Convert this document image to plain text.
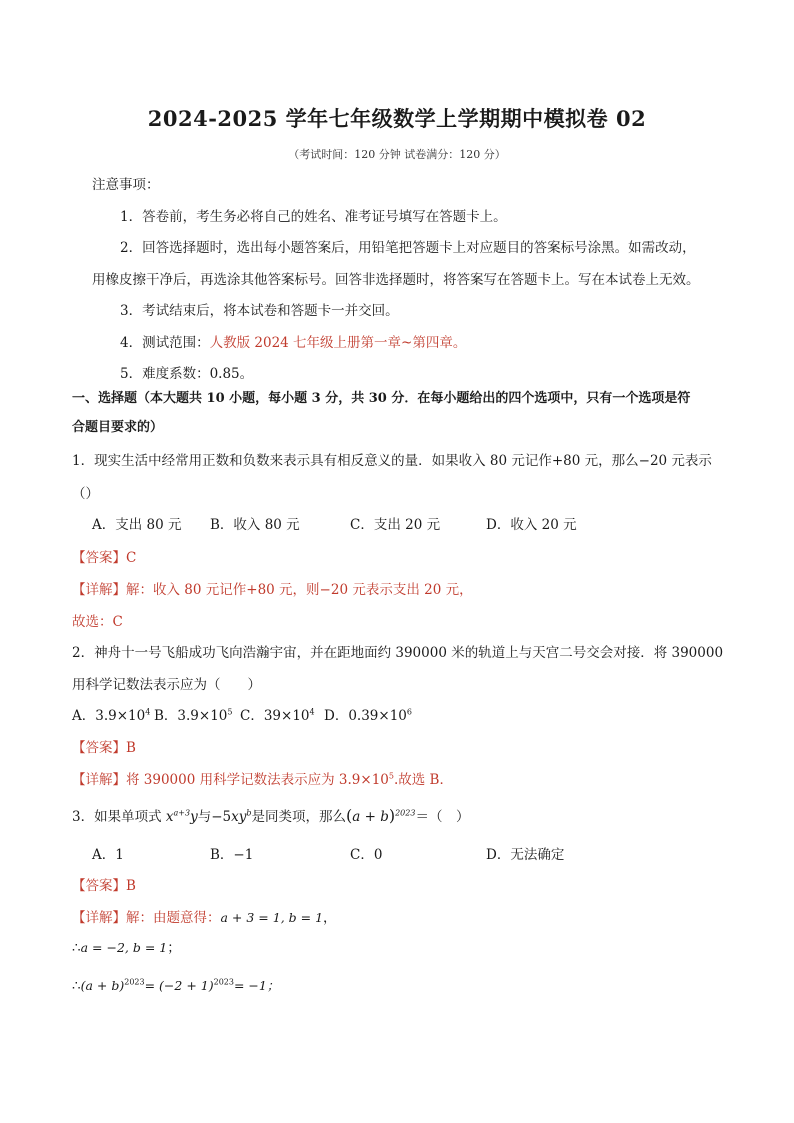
2024-2025 学年七年级数学上学期期中模拟卷 02
（考试时间：120 分钟 试卷满分：120 分）
注意事项：
1．答卷前，考生务必将自己的姓名、准考证号填写在答题卡上。
2．回答选择题时，选出每小题答案后，用铅笔把答题卡上对应题目的答案标号涂黑。如需改动，
用橡皮擦干净后，再选涂其他答案标号。回答非选择题时，将答案写在答题卡上。写在本试卷上无效。
3．考试结束后，将本试卷和答题卡一并交回。
4．测试范围：人教版 2024 七年级上册第一章~第四章。
5．难度系数：0.85。
一、选择题（本大题共 10 小题，每小题 3 分，共 30 分．在每小题给出的四个选项中，只有一个选项是符
合题目要求的）
1．现实生活中经常用正数和负数来表示具有相反意义的量．如果收入 80 元记作+80 元，那么−20 元表示
（）
A．支出 80 元 B．收入 80 元	C．支出 20 元	D．收入 20 元
【答案】C
【详解】解：收入 80 元记作+80 元，则−20 元表示支出 20 元，
故选：C
2．神舟十一号飞船成功飞向浩瀚宇宙，并在距地面约 390000 米的轨道上与天宫二号交会对接．将 390000
用科学记数法表示应为（　　）
A．$3.9\times 10^4$ B．$3.9\times 10^5$ C．$39\times 10^4$ D．$0.39\times 10^6$
【答案】B
【详解】将 390000 用科学记数法表示应为 $3.9\times 10^5$.故选 B．
3．如果单项式 $x^{a+3}y$与$-5xy^b$是同类项，那么$(a + b)^{2023}=$（　）
A．1	B．−1	C．0	D．无法确定
【答案】B
【详解】解：由题意得：a + 3 = 1, b = 1，
∴a = −2, b = 1；
∴(a + $b)^{2023}= (-2 + 1)^{2023}= -1$；
